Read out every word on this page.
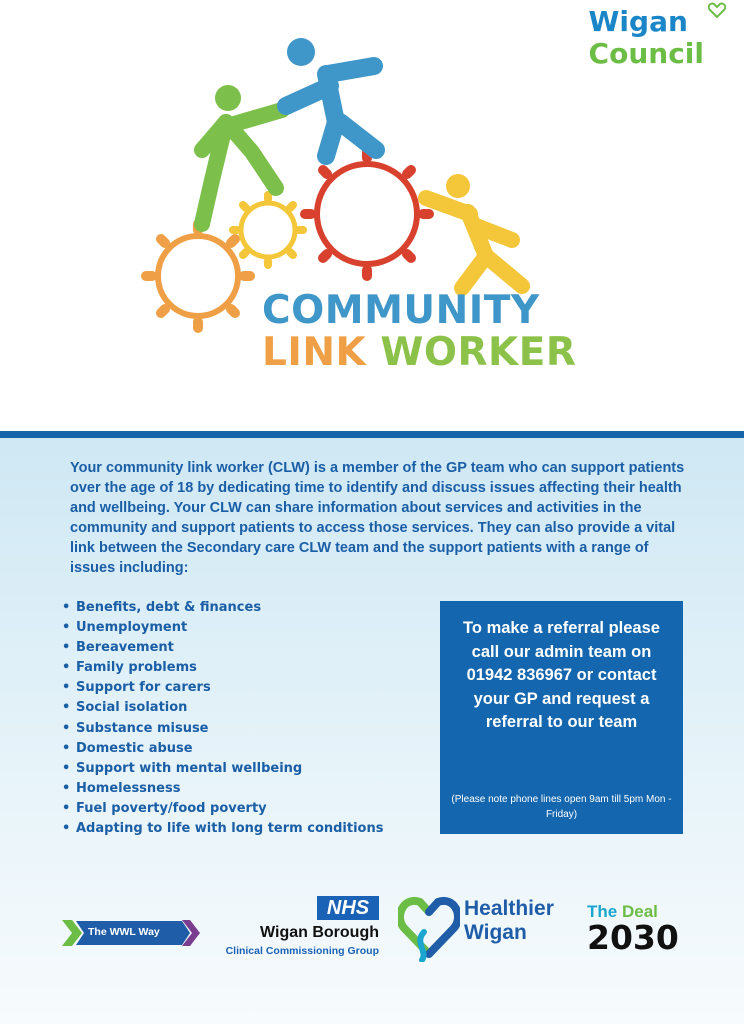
Wigan
Council
COMMUNITY
LINK WORKER

Your community link worker (CLW) is a member of the GP team who can support patients over the age of 18 by dedicating time to identify and discuss issues affecting their health and wellbeing. Your CLW can share information about services and activities in the community and support patients to access those services. They can also provide a vital link between the Secondary care CLW team and the support patients with a range of issues including:

• Benefits, debt & finances
• Unemployment
• Bereavement
• Family problems
• Support for carers
• Social isolation
• Substance misuse
• Domestic abuse
• Support with mental wellbeing
• Homelessness
• Fuel poverty/food poverty
• Adapting to life with long term conditions
To make a referral please call our admin team on 01942 836967 or contact your GP and request a referral to our team
(Please note phone lines open 9am till 5pm Mon - Friday)
The WWL Way
NHS
Wigan Borough
Clinical Commissioning Group
Healthier
Wigan
The Deal
2030
